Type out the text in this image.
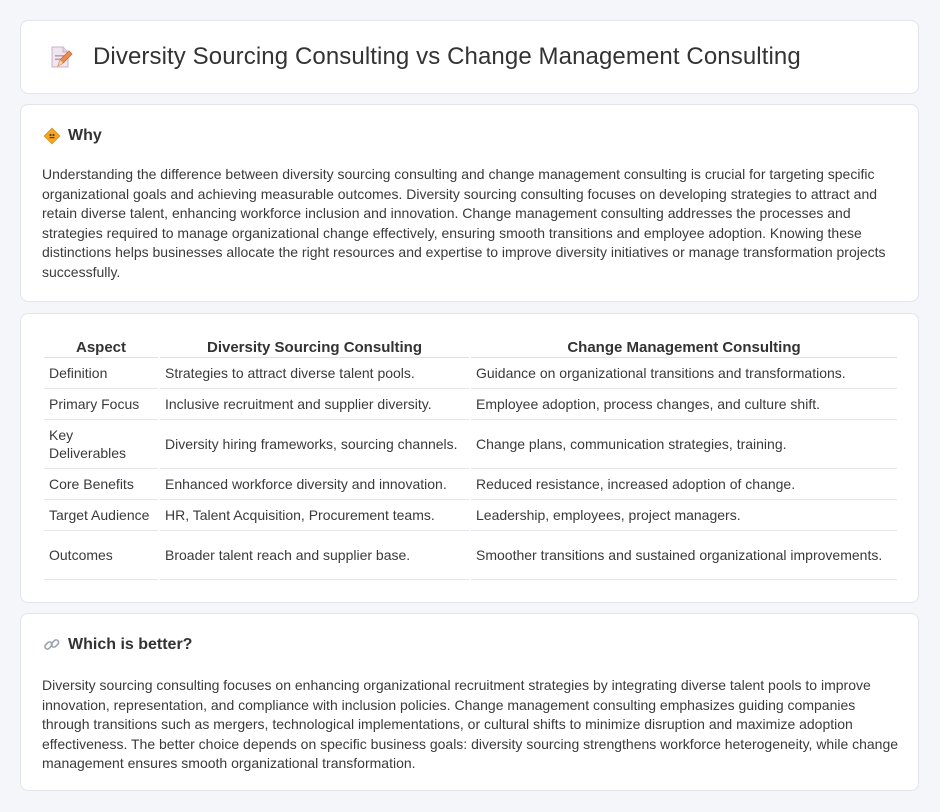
Diversity Sourcing Consulting vs Change Management Consulting
Why

Understanding the difference between diversity sourcing consulting and change management consulting is crucial for targeting specific organizational goals and achieving measurable outcomes. Diversity sourcing consulting focuses on developing strategies to attract and retain diverse talent, enhancing workforce inclusion and innovation. Change management consulting addresses the processes and strategies required to manage organizational change effectively, ensuring smooth transitions and employee adoption. Knowing these distinctions helps businesses allocate the right resources and expertise to improve diversity initiatives or manage transformation projects successfully.

Aspect	Diversity Sourcing Consulting	Change Management Consulting
Definition	Strategies to attract diverse talent pools.	Guidance on organizational transitions and transformations.
Primary Focus	Inclusive recruitment and supplier diversity.	Employee adoption, process changes, and culture shift.
Key Deliverables	Diversity hiring frameworks, sourcing channels.	Change plans, communication strategies, training.
Core Benefits	Enhanced workforce diversity and innovation.	Reduced resistance, increased adoption of change.
Target Audience	HR, Talent Acquisition, Procurement teams.	Leadership, employees, project managers.
Outcomes	Broader talent reach and supplier base.	Smoother transitions and sustained organizational improvements.
Which is better?

Diversity sourcing consulting focuses on enhancing organizational recruitment strategies by integrating diverse talent pools to improve innovation, representation, and compliance with inclusion policies. Change management consulting emphasizes guiding companies through transitions such as mergers, technological implementations, or cultural shifts to minimize disruption and maximize adoption effectiveness. The better choice depends on specific business goals: diversity sourcing strengthens workforce heterogeneity, while change management ensures smooth organizational transformation.
